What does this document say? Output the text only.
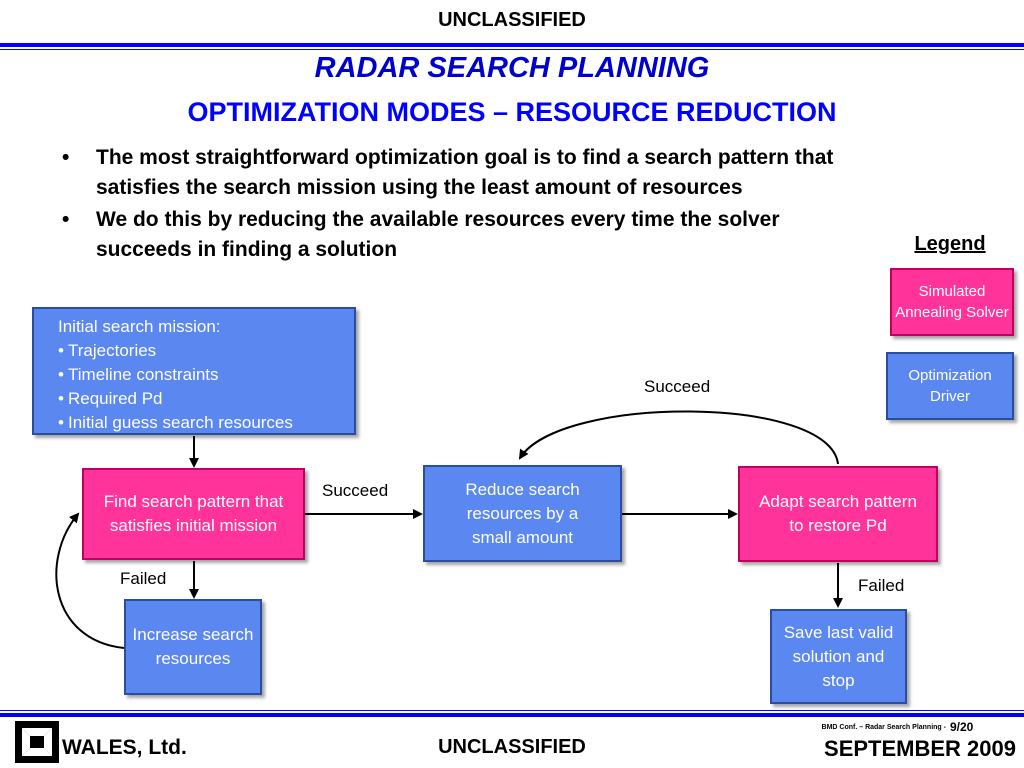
UNCLASSIFIED
RADAR SEARCH PLANNING
OPTIMIZATION MODES – RESOURCE REDUCTION
• The most straightforward optimization goal is to find a search pattern that satisfies the search mission using the least amount of resources
• We do this by reducing the available resources every time the solver succeeds in finding a solution	Legend
Simulated Annealing Solver
Optimization Driver
Initial search mission:
• Trajectories
• Timeline constraints
• Required Pd
• Initial guess search resources
Find search pattern that satisfies initial mission
Reduce search resources by a small amount
Adapt search pattern to restore Pd
Increase search resources
Save last valid solution and stop
Succeed
Succeed
Failed	Failed
WALES, Ltd.	UNCLASSIFIED
BMD Conf. – Radar Search Planning - 9/20
SEPTEMBER 2009
